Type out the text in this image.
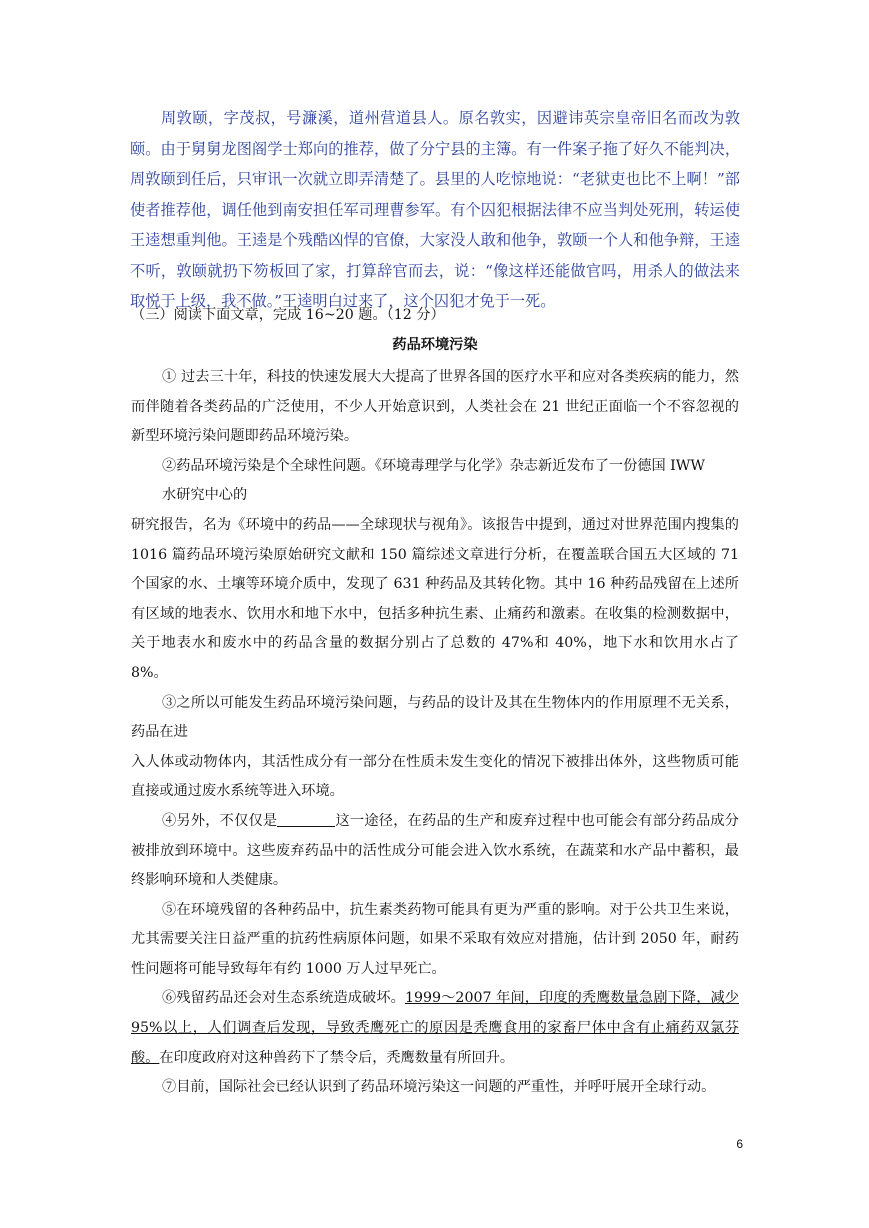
周敦颐，字茂叔，号濂溪，道州营道县人。原名敦实，因避讳英宗皇帝旧名而改为敦颐。由于舅舅龙图阁学士郑向的推荐，做了分宁县的主簿。有一件案子拖了好久不能判决，周敦颐到任后，只审讯一次就立即弄清楚了。县里的人吃惊地说：“老狱吏也比不上啊！”部使者推荐他，调任他到南安担任军司理曹参军。有个囚犯根据法律不应当判处死刑，转运使王逵想重判他。王逵是个残酷凶悍的官僚，大家没人敢和他争，敦颐一个人和他争辩，王逵不听，敦颐就扔下笏板回了家，打算辞官而去，说：“像这样还能做官吗，用杀人的做法来取悦于上级，我不做。”王逵明白过来了，这个囚犯才免于一死。

（三）阅读下面文章，完成 16~20 题。（12 分）
药品环境污染

① 过去三十年，科技的快速发展大大提高了世界各国的医疗水平和应对各类疾病的能力，然而伴随着各类药品的广泛使用，不少人开始意识到，人类社会在 21 世纪正面临一个不容忽视的新型环境污染问题即药品环境污染。

②药品环境污染是个全球性问题。《环境毒理学与化学》杂志新近发布了一份德国 IWW

水研究中心的

研究报告，名为《环境中的药品——全球现状与视角》。该报告中提到，通过对世界范围内搜集的 1016 篇药品环境污染原始研究文献和 150 篇综述文章进行分析，在覆盖联合国五大区域的 71 个国家的水、土壤等环境介质中，发现了 631 种药品及其转化物。其中 16 种药品残留在上述所有区域的地表水、饮用水和地下水中，包括多种抗生素、止痛药和激素。在收集的检测数据中，关于地表水和废水中的药品含量的数据分别占了总数的 47%和 40%，地下水和饮用水占了 8%。

③之所以可能发生药品环境污染问题，与药品的设计及其在生物体内的作用原理不无关系，药品在进

入人体或动物体内，其活性成分有一部分在性质未发生变化的情况下被排出体外，这些物质可能直接或通过废水系统等进入环境。

④另外，不仅仅是	这一途径，在药品的生产和废弃过程中也可能会有部分药品成分被排放到环境中。这些废弃药品中的活性成分可能会进入饮水系统，在蔬菜和水产品中蓄积，最终影响环境和人类健康。

⑤在环境残留的各种药品中，抗生素类药物可能具有更为严重的影响。对于公共卫生来说，尤其需要关注日益严重的抗药性病原体问题，如果不采取有效应对措施，估计到 2050 年，耐药性问题将可能导致每年有约 1000 万人过早死亡。

⑥残留药品还会对生态系统造成破坏。1999～2007 年间，印度的秃鹰数量急剧下降，减少 95%以上，人们调查后发现，导致秃鹰死亡的原因是秃鹰食用的家畜尸体中含有止痛药双氯芬酸。在印度政府对这种兽药下了禁令后，秃鹰数量有所回升。

⑦目前，国际社会已经认识到了药品环境污染这一问题的严重性，并呼吁展开全球行动。

6
